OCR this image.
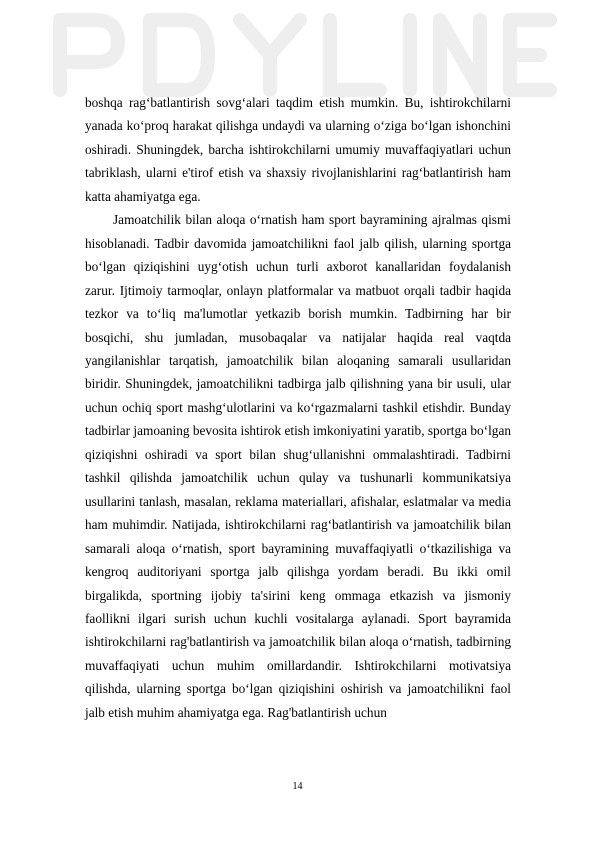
boshqa rag‘batlantirish sovg‘alari taqdim etish mumkin. Bu, ishtirokchilarni yanada ko‘proq harakat qilishga undaydi va ularning o‘ziga bo‘lgan ishonchini oshiradi. Shuningdek, barcha ishtirokchilarni umumiy muvaffaqiyatlari uchun tabriklash, ularni e'tirof etish va shaxsiy rivojlanishlarini rag‘batlantirish ham katta ahamiyatga ega.

Jamoatchilik bilan aloqa o‘rnatish ham sport bayramining ajralmas qismi hisoblanadi. Tadbir davomida jamoatchilikni faol jalb qilish, ularning sportga bo‘lgan qiziqishini uyg‘otish uchun turli axborot kanallaridan foydalanish zarur. Ijtimoiy tarmoqlar, onlayn platformalar va matbuot orqali tadbir haqida tezkor va to‘liq ma'lumotlar yetkazib borish mumkin. Tadbirning har bir bosqichi, shu jumladan, musobaqalar va natijalar haqida real vaqtda yangilanishlar tarqatish, jamoatchilik bilan aloqaning samarali usullaridan biridir. Shuningdek, jamoatchilikni tadbirga jalb qilishning yana bir usuli, ular uchun ochiq sport mashg‘ulotlarini va ko‘rgazmalarni tashkil etishdir. Bunday tadbirlar jamoaning bevosita ishtirok etish imkoniyatini yaratib, sportga bo‘lgan qiziqishni oshiradi va sport bilan shug‘ullanishni ommalashtiradi. Tadbirni tashkil qilishda jamoatchilik uchun qulay va tushunarli kommunikatsiya usullarini tanlash, masalan, reklama materiallari, afishalar, eslatmalar va media ham muhimdir. Natijada, ishtirokchilarni rag‘batlantirish va jamoatchilik bilan samarali aloqa o‘rnatish, sport bayramining muvaffaqiyatli o‘tkazilishiga va kengroq auditoriyani sportga jalb qilishga yordam beradi. Bu ikki omil birgalikda, sportning ijobiy ta'sirini keng ommaga etkazish va jismoniy faollikni ilgari surish uchun kuchli vositalarga aylanadi. Sport bayramida ishtirokchilarni rag'batlantirish va jamoatchilik bilan aloqa o‘rnatish, tadbirning muvaffaqiyati uchun muhim omillardandir. Ishtirokchilarni motivatsiya qilishda, ularning sportga bo‘lgan qiziqishini oshirish va jamoatchilikni faol jalb etish muhim ahamiyatga ega. Rag'batlantirish uchun

14
